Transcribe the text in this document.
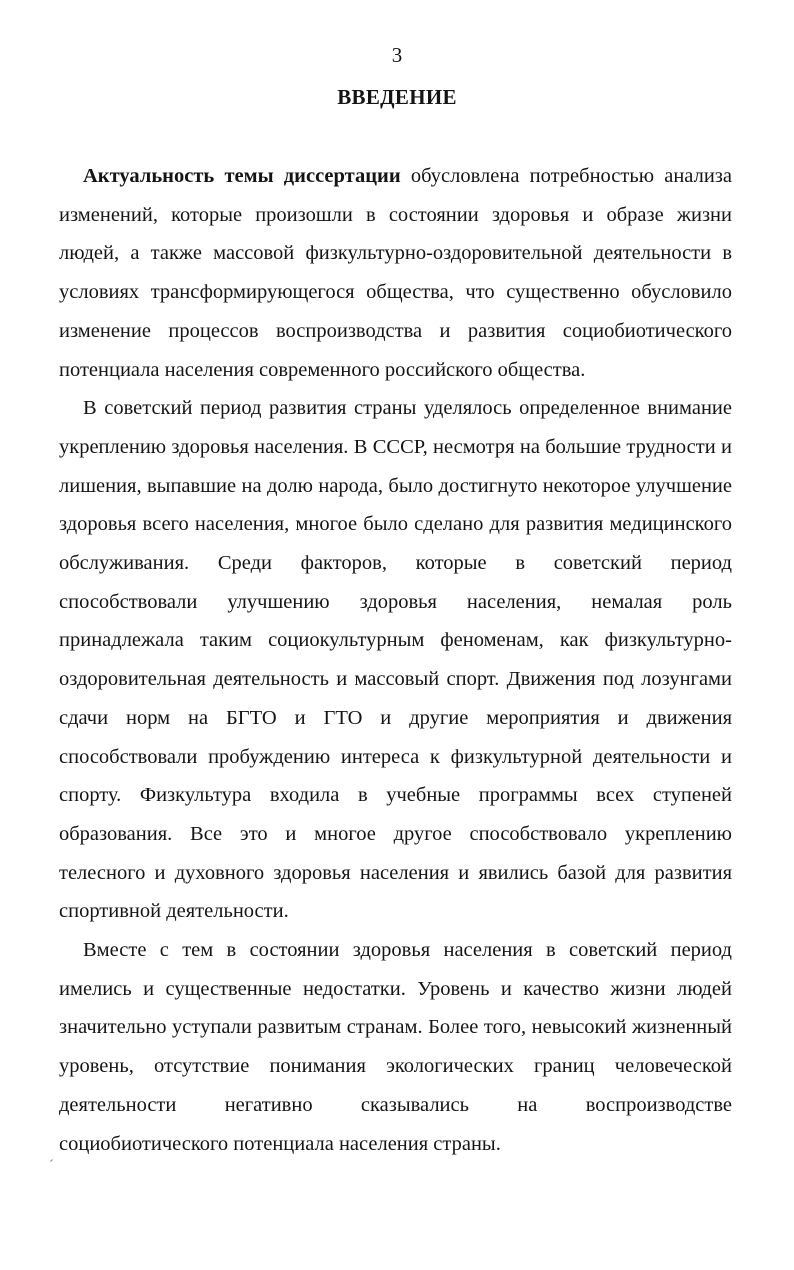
3
ВВЕДЕНИЕ

Актуальность темы диссертации обусловлена потребностью анализа изменений, которые произошли в состоянии здоровья и образе жизни людей, а также массовой физкультурно-оздоровительной деятельности в условиях трансформирующегося общества, что существенно обусловило изменение процессов воспроизводства и развития социобиотического потенциала населения современного российского общества.

В советский период развития страны уделялось определенное внимание укреплению здоровья населения. В СССР, несмотря на большие трудности и лишения, выпавшие на долю народа, было достигнуто некоторое улучшение здоровья всего населения, многое было сделано для развития медицинского обслуживания. Среди факторов, которые в советский период способствовали улучшению здоровья населения, немалая роль принадлежала таким социокультурным феноменам, как физкультурно-оздоровительная деятельность и массовый спорт. Движения под лозунгами сдачи норм на БГТО и ГТО и другие мероприятия и движения способствовали пробуждению интереса к физкультурной деятельности и спорту. Физкультура входила в учебные программы всех ступеней образования. Все это и многое другое способствовало укреплению телесного и духовного здоровья населения и явились базой для развития спортивной деятельности.

Вместе с тем в состоянии здоровья населения в советский период имелись и существенные недостатки. Уровень и качество жизни людей значительно уступали развитым странам. Более того, невысокий жизненный уровень, отсутствие понимания экологических границ человеческой деятельности негативно сказывались на воспроизводстве социобиотического потенциала населения страны.
